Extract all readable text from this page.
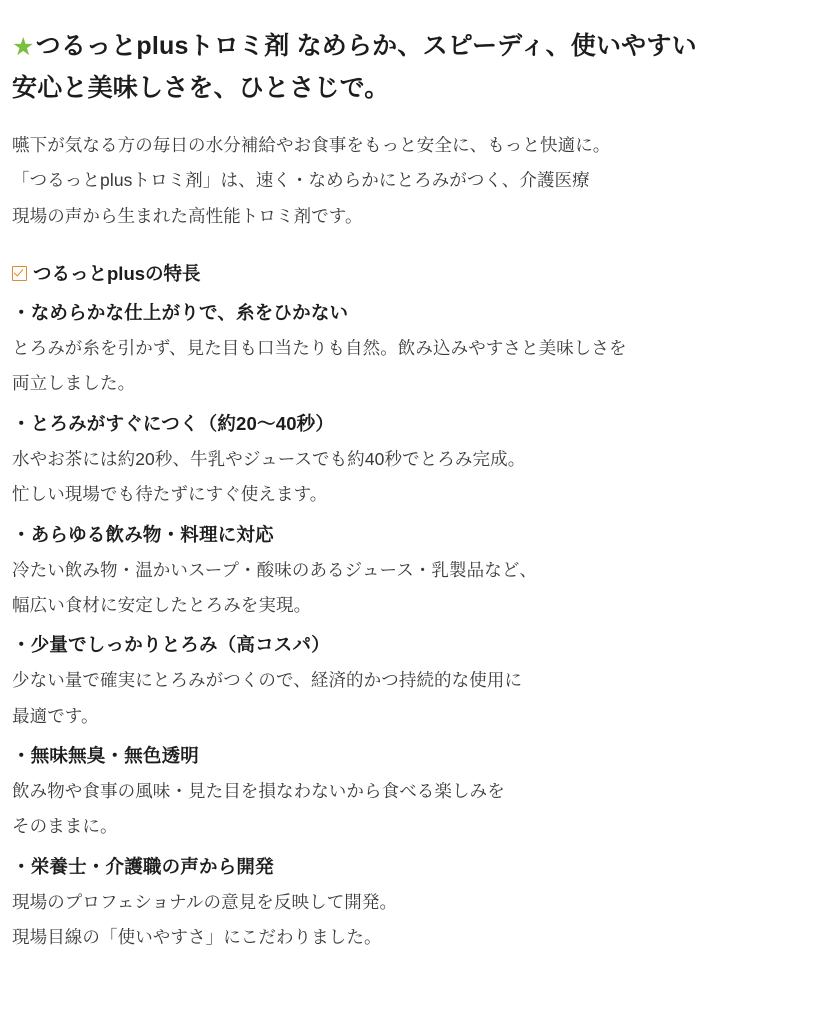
★つるっとplusトロミ剤 なめらか、スピーディ、使いやすい
安心と美味しさを、ひとさじで。

嚥下が気なる方の毎日の水分補給やお食事をもっと安全に、もっと快適に。
「つるっとplusトロミ剤」は、速く・なめらかにとろみがつく、介護医療
現場の声から生まれた高性能トロミ剤です。

つるっとplusの特長

・なめらかな仕上がりで、糸をひかない

とろみが糸を引かず、見た目も口当たりも自然。飲み込みやすさと美味しさを
両立しました。

・とろみがすぐにつく（約20〜40秒）

水やお茶には約20秒、牛乳やジュースでも約40秒でとろみ完成。
忙しい現場でも待たずにすぐ使えます。

・あらゆる飲み物・料理に対応

冷たい飲み物・温かいスープ・酸味のあるジュース・乳製品など、
幅広い食材に安定したとろみを実現。

・少量でしっかりとろみ（高コスパ）

少ない量で確実にとろみがつくので、経済的かつ持続的な使用に
最適です。

・無味無臭・無色透明

飲み物や食事の風味・見た目を損なわないから食べる楽しみを
そのままに。

・栄養士・介護職の声から開発

現場のプロフェショナルの意見を反映して開発。
現場目線の「使いやすさ」にこだわりました。
